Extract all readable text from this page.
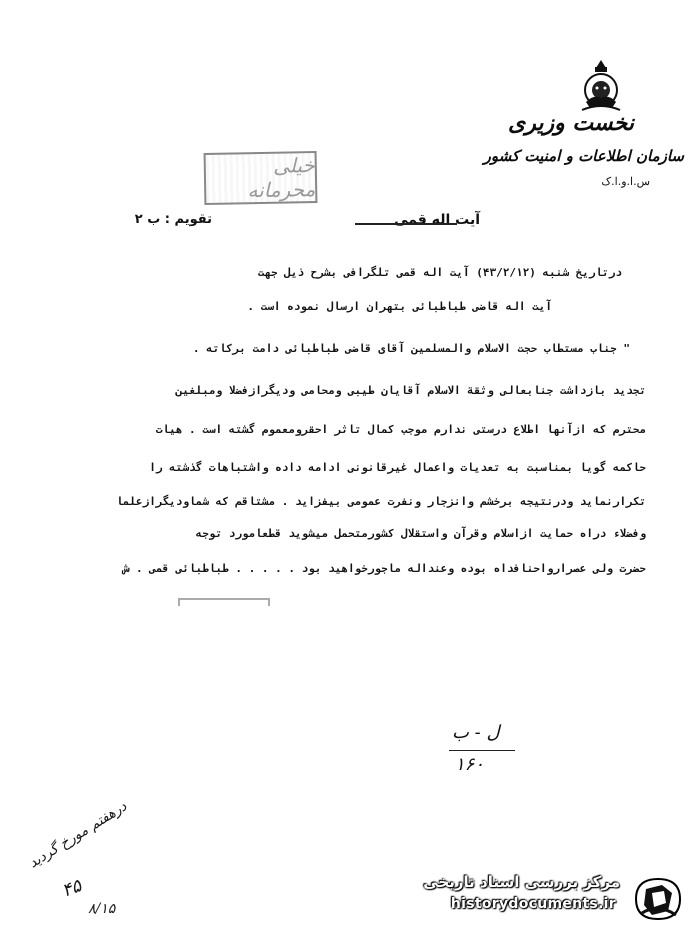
نخست وزیری
سازمان اطلاعات و امنیت کشور
س.ا.و.ا.ک
خیلی محرمانه
آیت اله قمی
تقویم : ب ۲
درتاریخ شنبه (۴۳/۲/۱۲) آیت اله قمی تلگرافی بشرح ذیل جهت
آیت اله قاضی طباطبائی بتهران ارسال نموده است .
" جناب مستطاب حجت الاسلام والمسلمین آقای قاضی طباطبائی دامت برکاته .
تجدید بازداشت جنابعالی وثقة الاسلام آقایان طیبی ومحامی ودیگرازفضلا ومبلغین
محترم که ازآنها اطلاع درستی ندارم موجب کمال تاثر احقرومعموم گشته است . هیات
حاکمه گویا بمناسبت به تعدیات واعمال غیرقانونی ادامه داده واشتباهات گذشته را
تکرارنماید ودرنتیجه برخشم وانزجار ونفرت عمومی بیفزاید . مشتاقم که شماودیگرازعلما
وفضلاء دراه حمایت ازاسلام وقرآن واستقلال کشورمتحمل میشوید قطعامورد توجه
حضرت ولی عصرارواحنافداه بوده وعنداله ماجورخواهید بود . . . . . طباطبائی قمی . ش
ل - ب
۱۶۰
درهفتم مورخ گردید
۴۵
۸/۱۵
مرکز بررسی اسناد تاریخی
historydocuments.ir
